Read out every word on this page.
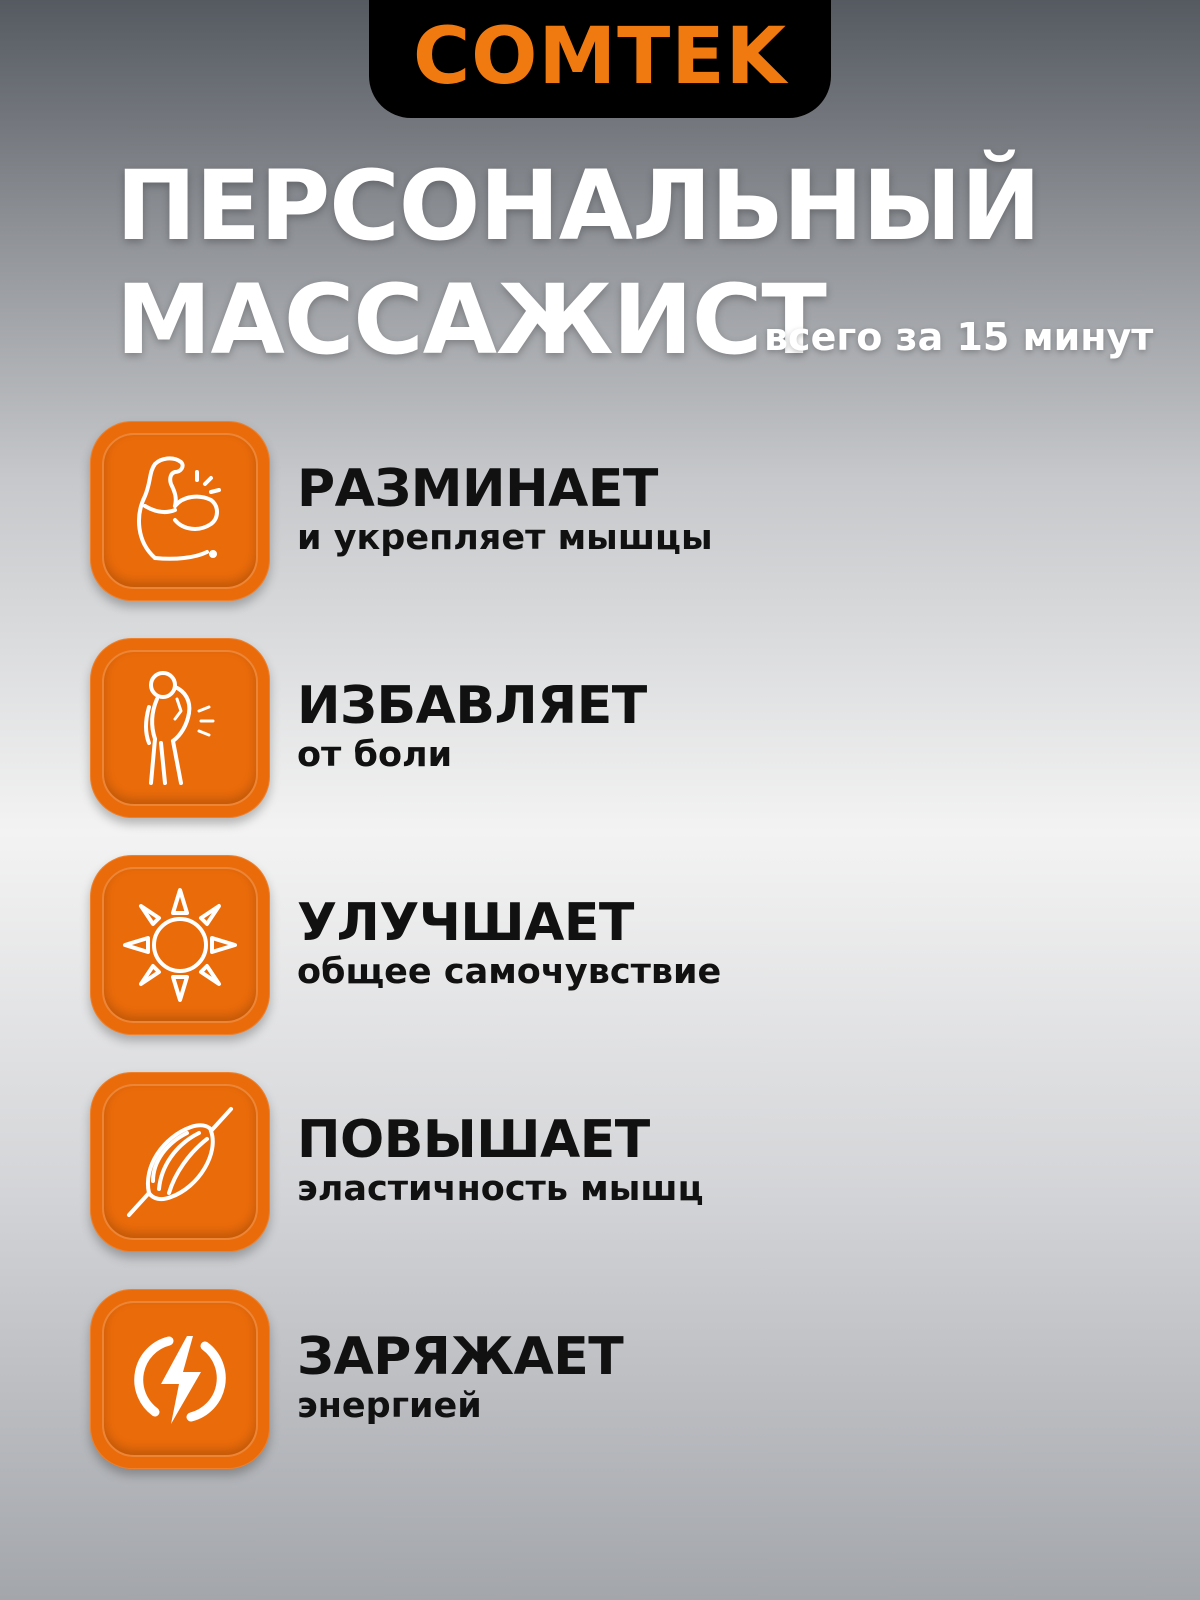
COMTEK
ПЕРСОНАЛЬНЫЙ
МАССАЖИСТ
всего за 15 минут
РАЗМИНАЕТ
и укрепляет мышцы
ИЗБАВЛЯЕТ
от боли
УЛУЧШАЕТ
общее самочувствие
ПОВЫШАЕТ
эластичность мышц
ЗАРЯЖАЕТ
энергией
